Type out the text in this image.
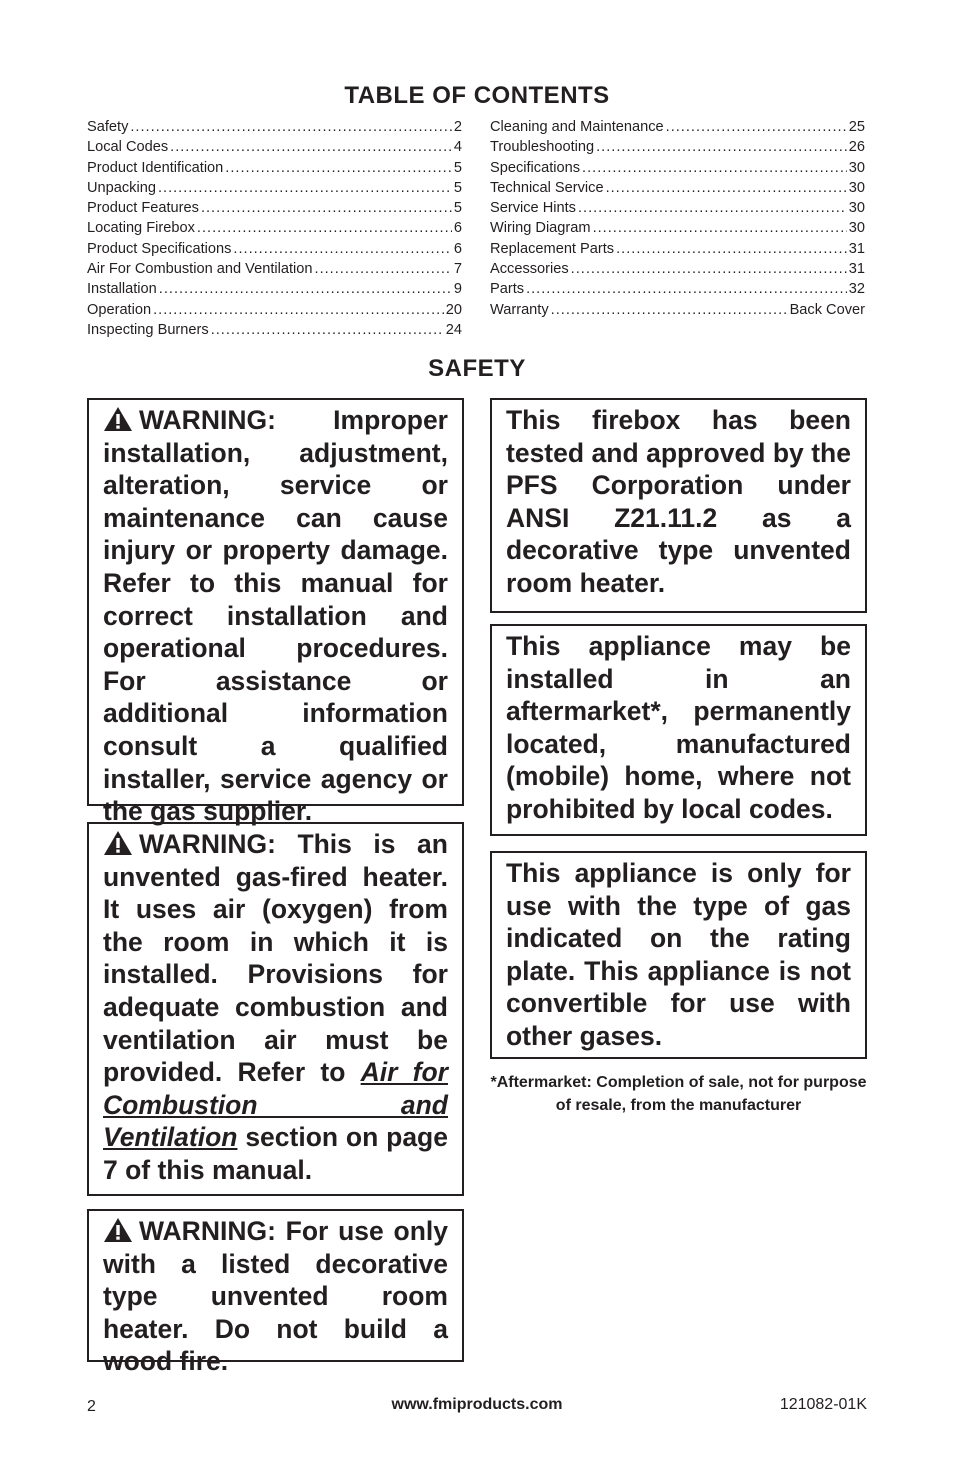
TABLE OF CONTENTS
Safety .....	2
Local Codes .....	4
Product Identification .....	5
Unpacking .....	5
Product Features .....	5
Locating Firebox .....	6
Product Specifications .....	6
Air For Combustion and Ventilation .....	7
Installation .....	9
Operation .....	20
Inspecting Burners .....	24
Cleaning and Maintenance .....	25
Troubleshooting .....	26
Specifications .....	30
Technical Service .....	30
Service Hints .....	30
Wiring Diagram .....	30
Replacement Parts .....	31
Accessories .....	31
Parts .....	32
Warranty .....	Back Cover
SAFETY

WARNING: Improper installation, adjustment, alteration, service or maintenance can cause injury or property damage. Refer to this manual for correct installation and operational procedures. For assistance or additional information consult a qualified installer, service agency or the gas supplier.

WARNING: This is an unvented gas-fired heater. It uses air (oxygen) from the room in which it is installed. Provisions for adequate combustion and ventilation air must be provided. Refer to Air for Combustion and Ventilation section on page 7 of this manual.

WARNING: For use only with a listed decorative type unvented room heater. Do not build a wood fire.

This firebox has been tested and approved by the PFS Corporation under ANSI Z21.11.2 as a decorative type unvented room heater.

This appliance may be installed in an aftermarket*, permanently located, manufactured (mobile) home, where not prohibited by local codes.

This appliance is only for use with the type of gas indicated on the rating plate. This appliance is not convertible for use with other gases.

*Aftermarket: Completion of sale, not for purpose of resale, from the manufacturer
2	www.fmiproducts.com	121082-01K
